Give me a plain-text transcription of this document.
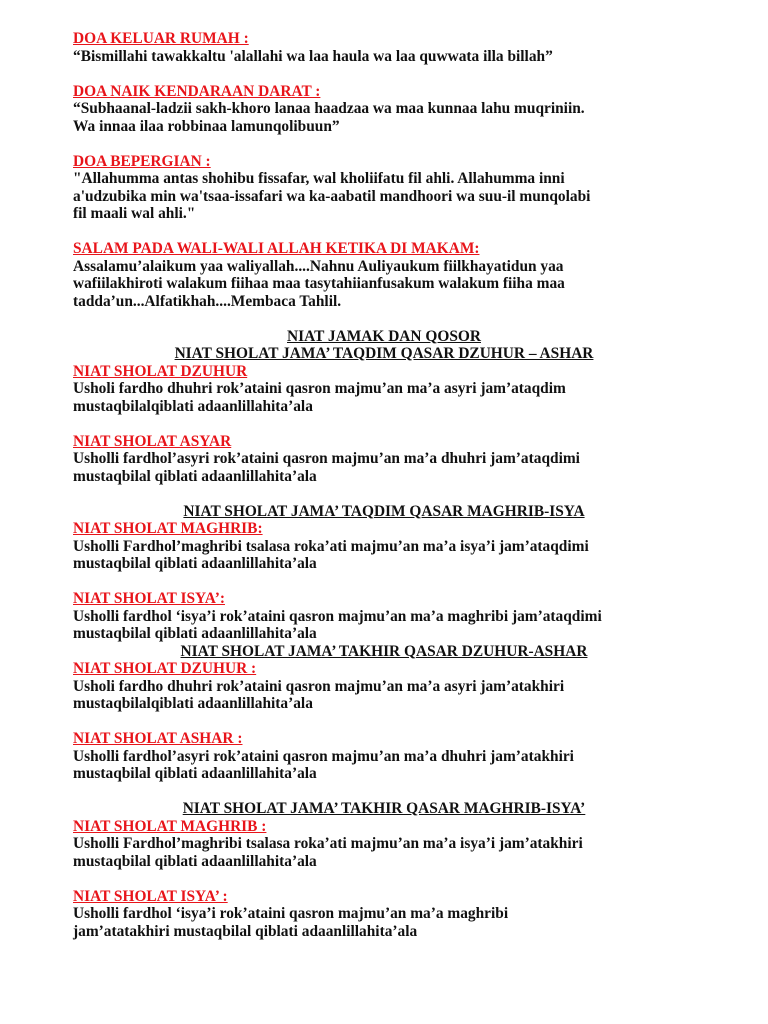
DOA KELUAR RUMAH :
“Bismillahi tawakkaltu 'alallahi wa laa haula wa laa quwwata illa billah”
DOA NAIK KENDARAAN DARAT :
“Subhaanal-ladzii sakh-khoro lanaa haadzaa wa maa kunnaa lahu muqriniin.
Wa innaa ilaa robbinaa lamunqolibuun”
DOA BEPERGIAN :
"Allahumma antas shohibu fissafar, wal kholiifatu fil ahli. Allahumma inni
a'udzubika min wa'tsaa-issafari wa ka-aabatil mandhoori wa suu-il munqolabi
fil maali wal ahli."
SALAM PADA WALI-WALI ALLAH KETIKA DI MAKAM:
Assalamu’alaikum yaa waliyallah....Nahnu Auliyaukum fiilkhayatidun yaa
wafiilakhiroti walakum fiihaa maa tasytahiianfusakum walakum fiiha maa
tadda’un...Alfatikhah....Membaca Tahlil.
NIAT JAMAK DAN QOSOR
NIAT SHOLAT JAMA’ TAQDIM QASAR DZUHUR – ASHAR
NIAT SHOLAT DZUHUR
Usholi fardho dhuhri rok’ataini qasron majmu’an ma’a asyri jam’ataqdim
mustaqbilalqiblati adaanlillahita’ala
NIAT SHOLAT ASYAR
Usholli fardhol’asyri rok’ataini qasron majmu’an ma’a dhuhri jam’ataqdimi
mustaqbilal qiblati adaanlillahita’ala
NIAT SHOLAT JAMA’ TAQDIM QASAR MAGHRIB-ISYA
NIAT SHOLAT MAGHRIB:
Usholli Fardhol’maghribi tsalasa roka’ati majmu’an ma’a isya’i jam’ataqdimi
mustaqbilal qiblati adaanlillahita’ala
NIAT SHOLAT ISYA’:
Usholli fardhol ‘isya’i rok’ataini qasron majmu’an ma’a maghribi jam’ataqdimi
mustaqbilal qiblati adaanlillahita’ala
NIAT SHOLAT JAMA’ TAKHIR QASAR DZUHUR-ASHAR
NIAT SHOLAT DZUHUR :
Usholi fardho dhuhri rok’ataini qasron majmu’an ma’a asyri jam’atakhiri
mustaqbilalqiblati adaanlillahita’ala
NIAT SHOLAT ASHAR :
Usholli fardhol’asyri rok’ataini qasron majmu’an ma’a dhuhri jam’atakhiri
mustaqbilal qiblati adaanlillahita’ala
NIAT SHOLAT JAMA’ TAKHIR QASAR MAGHRIB-ISYA’
NIAT SHOLAT MAGHRIB :
Usholli Fardhol’maghribi tsalasa roka’ati majmu’an ma’a isya’i jam’atakhiri
mustaqbilal qiblati adaanlillahita’ala
NIAT SHOLAT ISYA’ :
Usholli fardhol ‘isya’i rok’ataini qasron majmu’an ma’a maghribi
jam’atatakhiri mustaqbilal qiblati adaanlillahita’ala
